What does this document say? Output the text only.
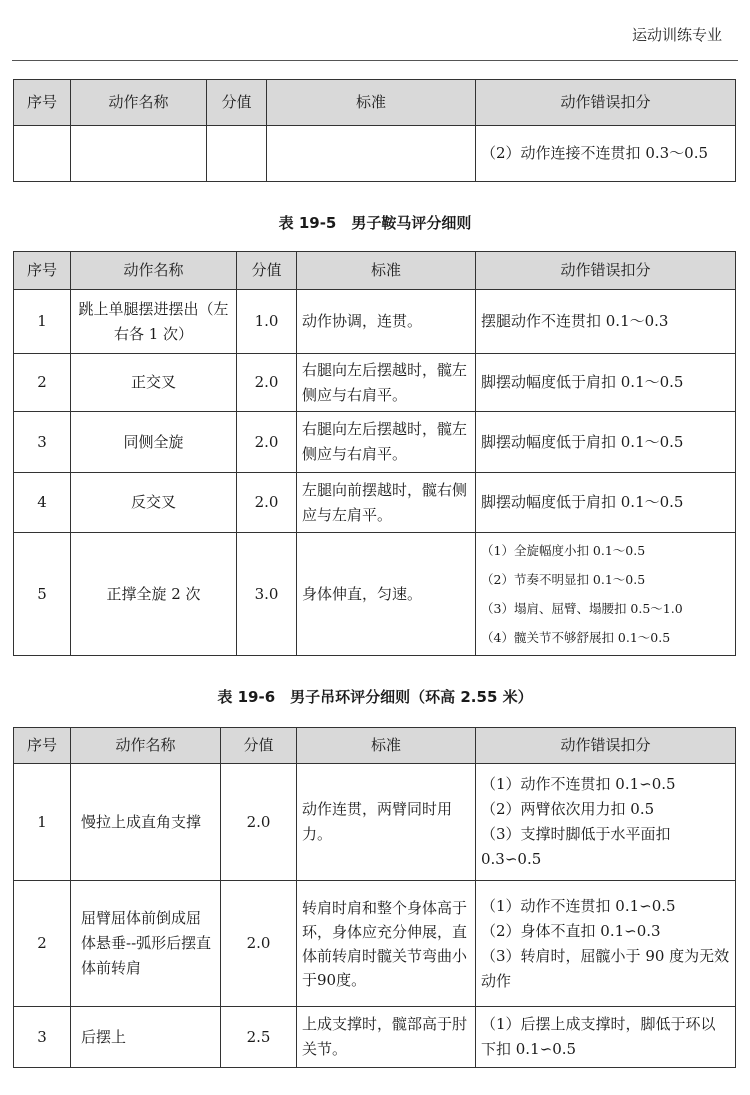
运动训练专业
序号	动作名称	分值	标准	动作错误扣分

				（2）动作连接不连贯扣 0.3～0.5
表 19-5　男子鞍马评分细则
序号	动作名称	分值	标准	动作错误扣分
1	跳上单腿摆进摆出（左右各 1 次）	1.0	动作协调，连贯。	摆腿动作不连贯扣 0.1～0.3
2	正交叉	2.0	右腿向左后摆越时，髋左侧应与右肩平。	脚摆动幅度低于肩扣 0.1～0.5
3	同侧全旋	2.0	右腿向左后摆越时，髋左侧应与右肩平。	脚摆动幅度低于肩扣 0.1～0.5
4	反交叉	2.0	左腿向前摆越时，髋右侧应与左肩平。	脚摆动幅度低于肩扣 0.1～0.5
5	正撑全旋 2 次	3.0	身体伸直，匀速。	（1）全旋幅度小扣 0.1～0.5
（2）节奏不明显扣 0.1～0.5
（3）塌肩、屈臂、塌腰扣 0.5～1.0
（4）髋关节不够舒展扣 0.1～0.5
表 19-6　男子吊环评分细则（环高 2.55 米）
序号	动作名称	分值	标准	动作错误扣分
1	慢拉上成直角支撑	2.0	动作连贯，两臂同时用力。	（1）动作不连贯扣 0.1∽0.5
（2）两臂依次用力扣 0.5
（3）支撑时脚低于水平面扣 0.3∽0.5

2	屈臂屈体前倒成屈体悬垂--弧形后摆直体前转肩	2.0	转肩时肩和整个身体高于环，身体应充分伸展，直体前转肩时髋关节弯曲小于90度。	（1）动作不连贯扣 0.1∽0.5
（2）身体不直扣 0.1∽0.3
（3）转肩时，屈髋小于 90 度为无效动作

3	后摆上	2.5	上成支撑时，髋部高于肘关节。	（1）后摆上成支撑时，脚低于环以下扣 0.1∽0.5
